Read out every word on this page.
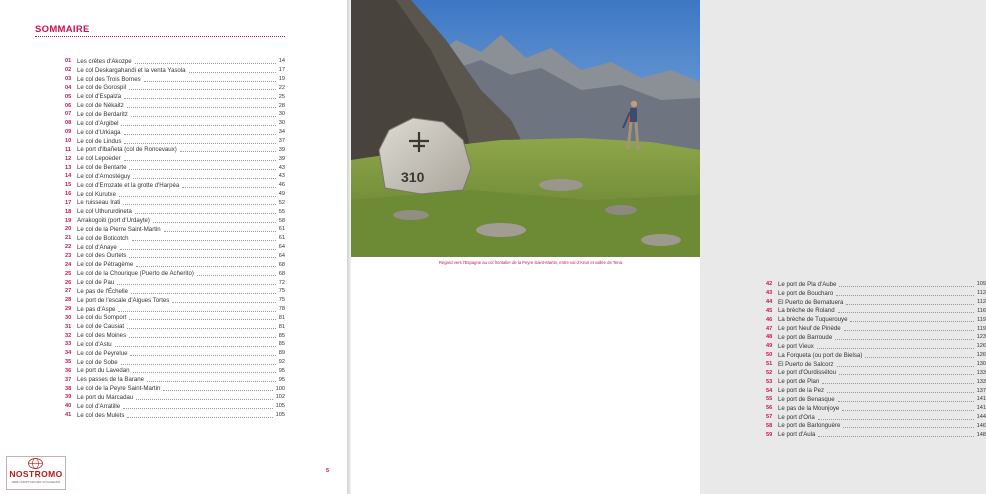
SOMMAIRE
01 Les crêtes d'Akozpe	14
02 Le col Deskargahandi et la venta Yasola	17
03 Le col des Trois Bornes	19
04 Le col de Gorospil	22
05 Le col d'Espalza	25
06 Le col de Nékaitz	28
07 Le col de Berdaritz	30
08 Le col d'Argibel	30
09 Le col d'Urkiaga	34
10 Le col de Lindus	37
11 Le port d'Ibañeta (col de Roncevaux)	39
12 Le col Lepoeder	39
13 Le col de Bentarte	43
14 Le col d'Arnostéguy	43
15 Le col d'Errozate et la grotte d'Harpéa	46
16 Le col Kurutxe	49
17 Le ruisseau Irati	52
18 Le col Uthururdineta	55
19 Arrakogoiti (port d'Urdayte)	58
20 Le col de la Pierre Saint-Martin	61
21 Le col de Boticotch	61
22 Le col d'Anaye	64
23 Le col des Ourtets	64
24 Le col de Pétragème	68
25 Le col de la Chourique (Puerto de Acherito)	68
26 Le col de Pau	72
27 Le pas de l'Échelle	75
28 Le port de l'escale d'Aigues Tortes	75
29 Le pas d'Aspe	78
30 Le col du Somport	81
31 Le col de Causiat	81
32 Le col des Moines	85
33 Le col d'Astu	85
34 Le col de Peyrelue	89
35 Le col de Sobe	92
36 Le port du Lavedan	95
37 Les passes de la Barane	95
38 Le col de la Peyre Saint-Martin	100
39 Le port du Marcadau	102
40 Le col d'Arratille	105
41 Le col des Mulets	105
310
Regard vers l'Espagne au col frontalier de la Peyre Saint-Martin, entre val d'Azun et vallée de Tena.
42 Le port de Pla d'Aube	109
43 Le port de Boucharo	112
44 El Puerto de Bernatuera	112
45 La brèche de Roland	116
46 La brèche de Tuquerouye	119
47 Le port Neuf de Pinède	119
48 Le port de Barroude	123
49 Le port Vieux	126
50 La Forqueta (ou port de Bielsa)	126
51 El Puerto de Salcorz	130
52 Le port d'Ourdissétou	133
53 Le port de Plan	133
54 Le port de la Pez	137
55 Le port de Benasque	141
56 Le pas de la Mounjoye	141
57 Le port d'Orla	144
58 Le port de Barlonguère	146
59 Le port d'Aula	148
5
NOSTROMO
WEB-COMPTOIR DES VOYAGEURS
